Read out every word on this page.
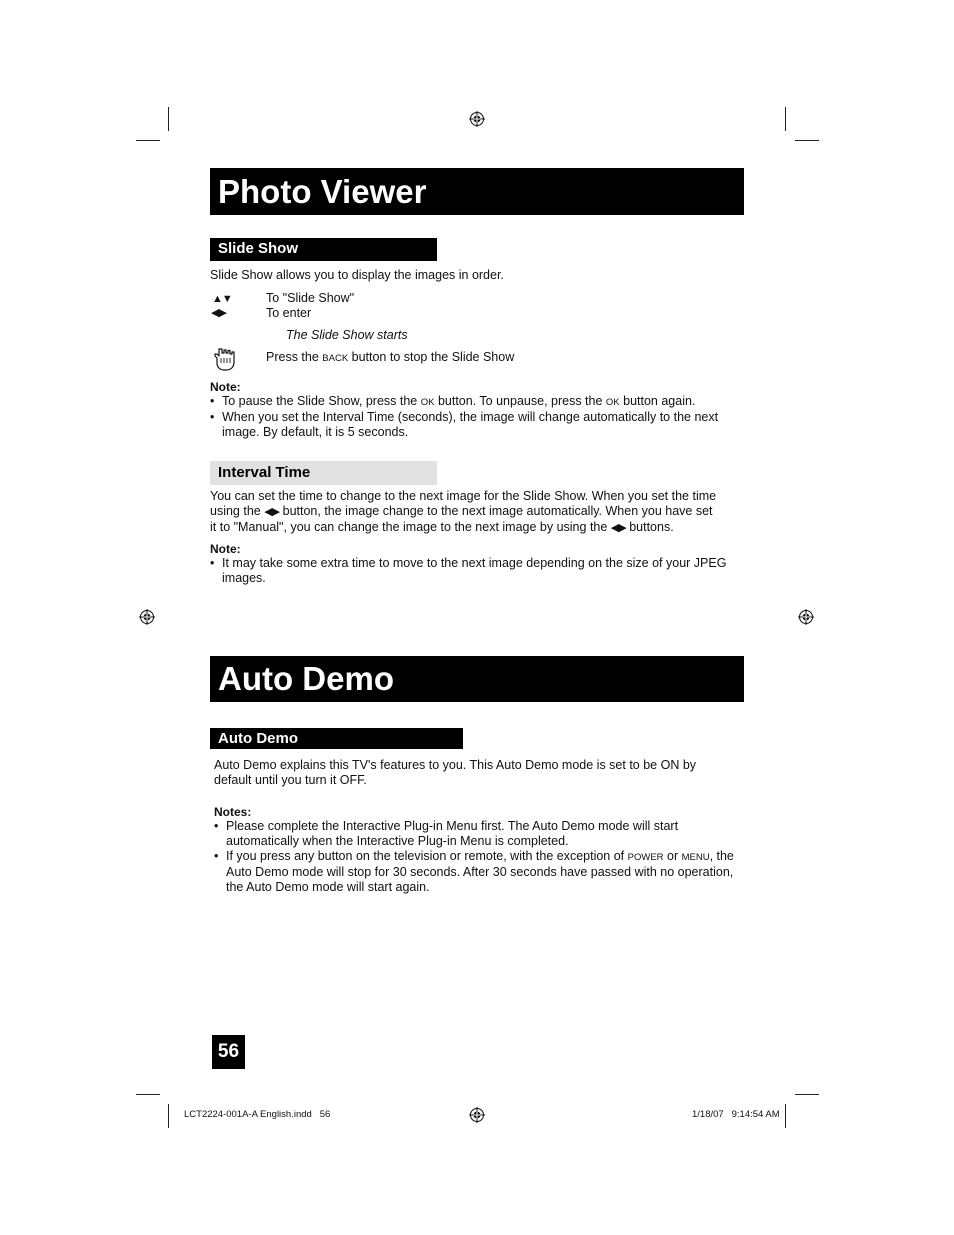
Photo Viewer
Slide Show
Slide Show allows you to display the images in order.
▲▼	To "Slide Show"
◀▶	To enter
The Slide Show starts
Press the BACK button to stop the Slide Show
Note:
• To pause the Slide Show, press the OK button. To unpause, press the OK button again.
• When you set the Interval Time (seconds), the image will change automatically to the next image. By default, it is 5 seconds.
Interval Time
You can set the time to change to the next image for the Slide Show. When you set the time
using the ◀▶ button, the image change to the next image automatically. When you have set
it to "Manual", you can change the image to the next image by using the ◀▶ buttons.
Note:
• It may take some extra time to move to the next image depending on the size of your JPEG images.
Auto Demo
Auto Demo
Auto Demo explains this TV's features to you. This Auto Demo mode is set to be ON by default until you turn it OFF.
Notes:
• Please complete the Interactive Plug-in Menu first. The Auto Demo mode will start automatically when the Interactive Plug-in Menu is completed.
• If you press any button on the television or remote, with the exception of POWER or MENU, the Auto Demo mode will stop for 30 seconds. After 30 seconds have passed with no operation, the Auto Demo mode will start again.
56
LCT2224-001A-A English.indd   56	1/18/07   9:14:54 AM
